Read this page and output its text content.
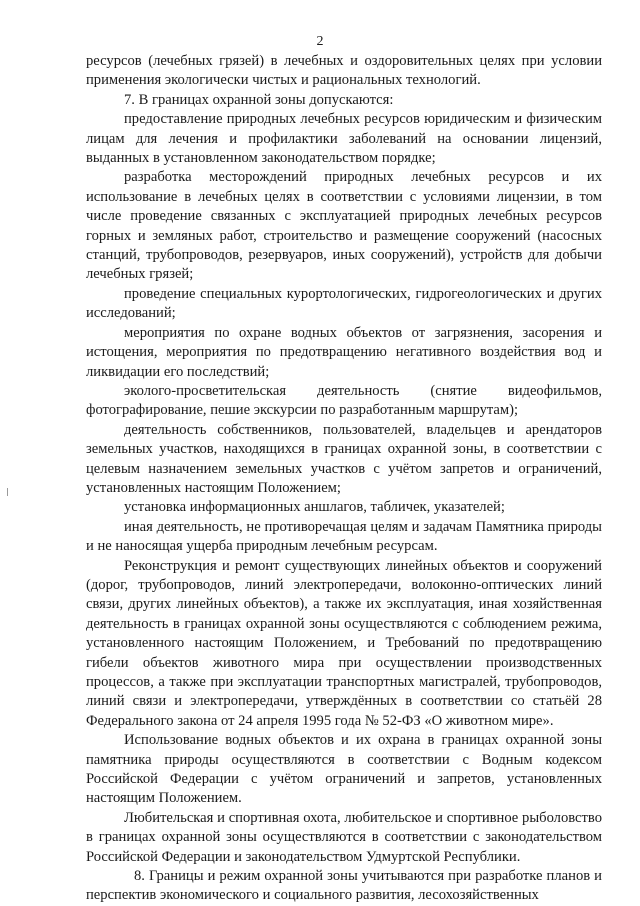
2

ресурсов (лечебных грязей) в лечебных и оздоровительных целях при условии применения экологически чистых и рациональных технологий.

7. В границах охранной зоны допускаются:

предоставление природных лечебных ресурсов юридическим и физическим лицам для лечения и профилактики заболеваний на основании лицензий, выданных в установленном законодательством порядке;

разработка месторождений природных лечебных ресурсов и их использование в лечебных целях в соответствии с условиями лицензии, в том числе проведение связанных с эксплуатацией природных лечебных ресурсов горных и земляных работ, строительство и размещение сооружений (насосных станций, трубопроводов, резервуаров, иных сооружений), устройств для добычи лечебных грязей;

проведение специальных курортологических, гидрогеологических и других исследований;

мероприятия по охране водных объектов от загрязнения, засорения и истощения, мероприятия по предотвращению негативного воздействия вод и ликвидации его последствий;

эколого-просветительская деятельность (снятие видеофильмов, фотографирование, пешие экскурсии по разработанным маршрутам);

деятельность собственников, пользователей, владельцев и арендаторов земельных участков, находящихся в границах охранной зоны, в соответствии с целевым назначением земельных участков с учётом запретов и ограничений, установленных настоящим Положением;

установка информационных аншлагов, табличек, указателей;

иная деятельность, не противоречащая целям и задачам Памятника природы и не наносящая ущерба природным лечебным ресурсам.

Реконструкция и ремонт существующих линейных объектов и сооружений (дорог, трубопроводов, линий электропередачи, волоконно-оптических линий связи, других линейных объектов), а также их эксплуатация, иная хозяйственная деятельность в границах охранной зоны осуществляются с соблюдением режима, установленного настоящим Положением, и Требований по предотвращению гибели объектов животного мира при осуществлении производственных процессов, а также при эксплуатации транспортных магистралей, трубопроводов, линий связи и электропередачи, утверждённых в соответствии со статьёй 28 Федерального закона от 24 апреля 1995 года № 52-ФЗ «О животном мире».

Использование водных объектов и их охрана в границах охранной зоны памятника природы осуществляются в соответствии с Водным кодексом Российской Федерации с учётом ограничений и запретов, установленных настоящим Положением.

Любительская и спортивная охота, любительское и спортивное рыболовство в границах охранной зоны осуществляются в соответствии с законодательством Российской Федерации и законодательством Удмуртской Республики.

8. Границы и режим охранной зоны учитываются при разработке планов и перспектив экономического и социального развития, лесохозяйственных
